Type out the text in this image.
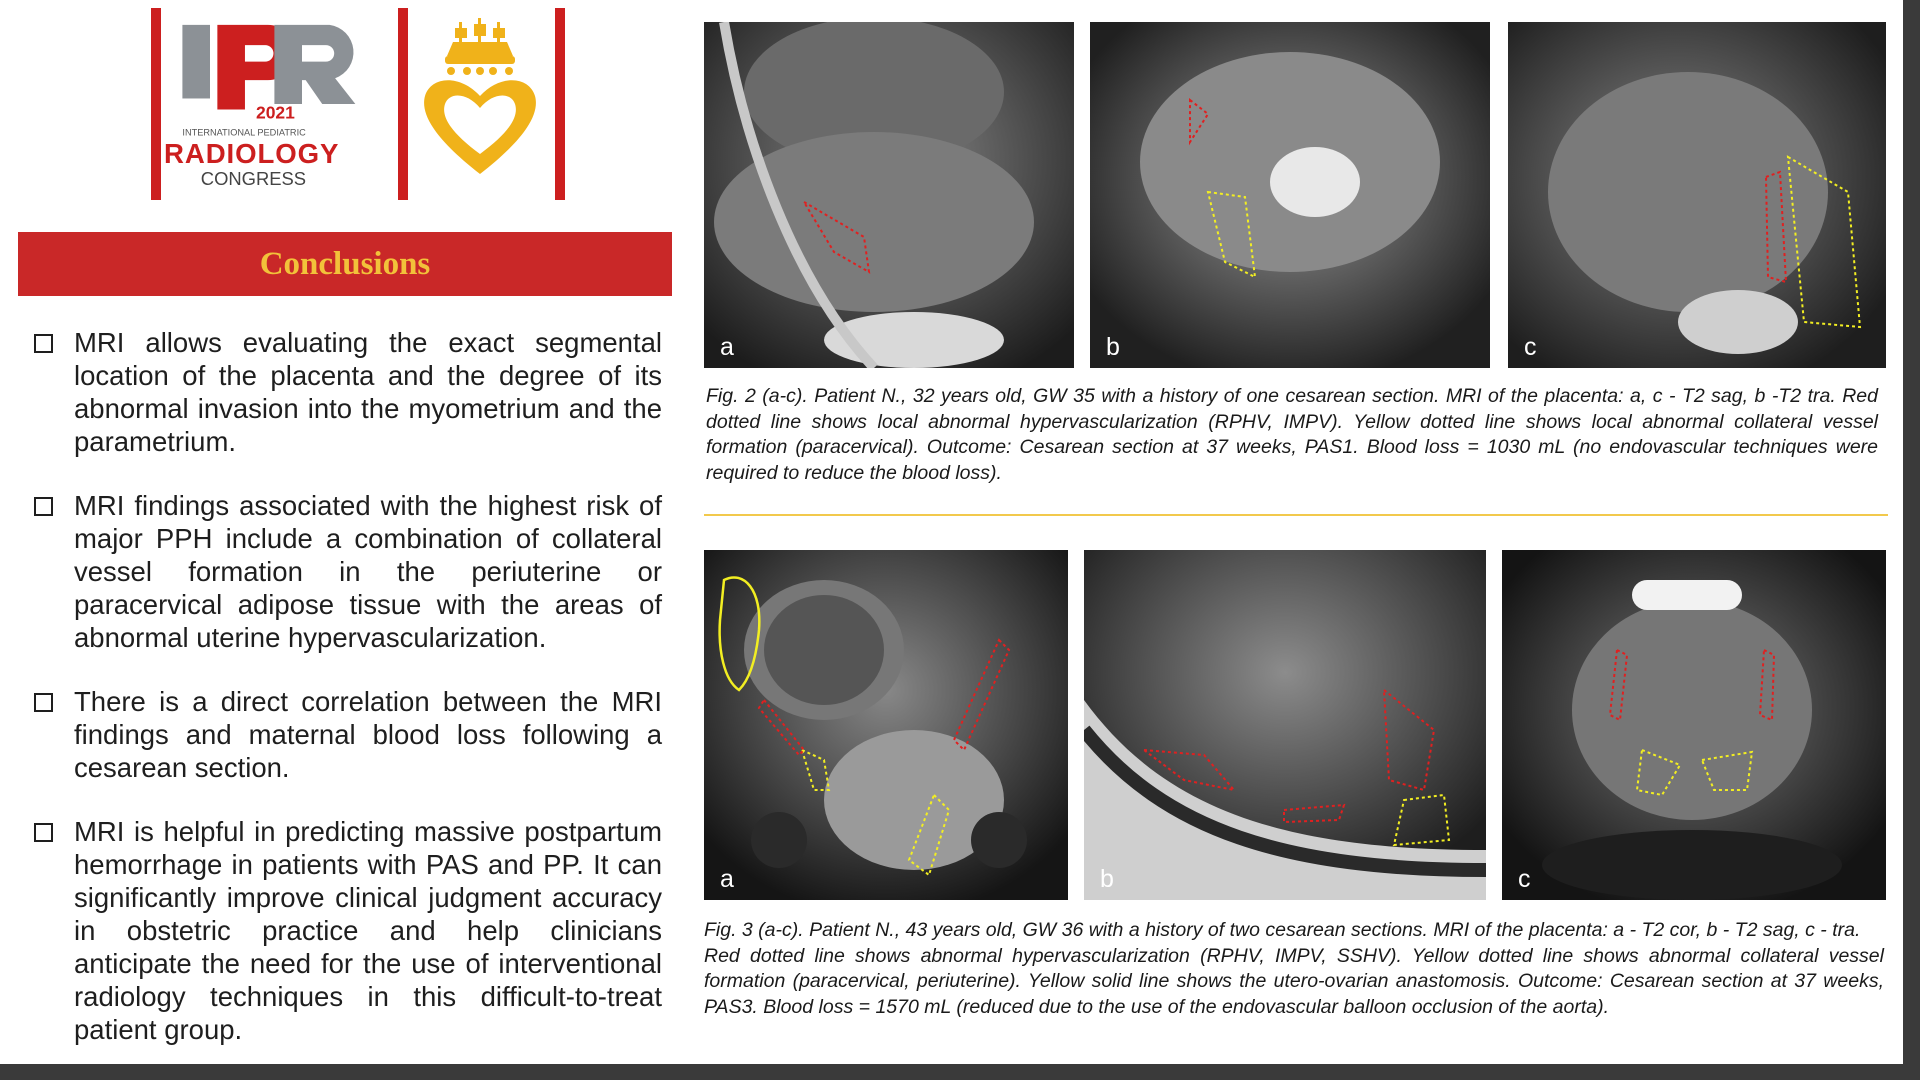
2021
INTERNATIONAL PEDIATRIC
RADIOLOGY
CONGRESS
Conclusions
MRI allows evaluating the exact segmental location of the placenta and the degree of its abnormal invasion into the myometrium and the parametrium.
MRI findings associated with the highest risk of major PPH include a combination of collateral vessel formation in the periuterine or paracervical adipose tissue with the areas of abnormal uterine hypervascularization.
There is a direct correlation between the MRI findings and maternal blood loss following a cesarean section.
MRI is helpful in predicting massive postpartum hemorrhage in patients with PAS and PP. It can significantly improve clinical judgment accuracy in obstetric practice and help clinicians anticipate the need for the use of interventional radiology techniques in this difficult-to-treat patient group.
a	b	c
Fig. 2 (a-c). Patient N., 32 years old, GW 35 with a history of one cesarean section. MRI of the placenta: a, c - T2 sag, b -T2 tra. Red dotted line shows local abnormal hypervascularization (RPHV, IMPV). Yellow dotted line shows local abnormal collateral vessel formation (paracervical). Outcome: Cesarean section at 37 weeks, PAS1. Blood loss = 1030 mL (no endovascular techniques were required to reduce the blood loss).
a	b	c
Fig. 3 (a-c). Patient N., 43 years old, GW 36 with a history of two cesarean sections. MRI of the placenta: a - T2 cor, b - T2 sag, c - tra.
Red dotted line shows abnormal hypervascularization (RPHV, IMPV, SSHV). Yellow dotted line shows abnormal collateral vessel formation (paracervical, periuterine). Yellow solid line shows the utero-ovarian anastomosis. Outcome: Cesarean section at 37 weeks, PAS3. Blood loss = 1570 mL (reduced due to the use of the endovascular balloon occlusion of the aorta).
